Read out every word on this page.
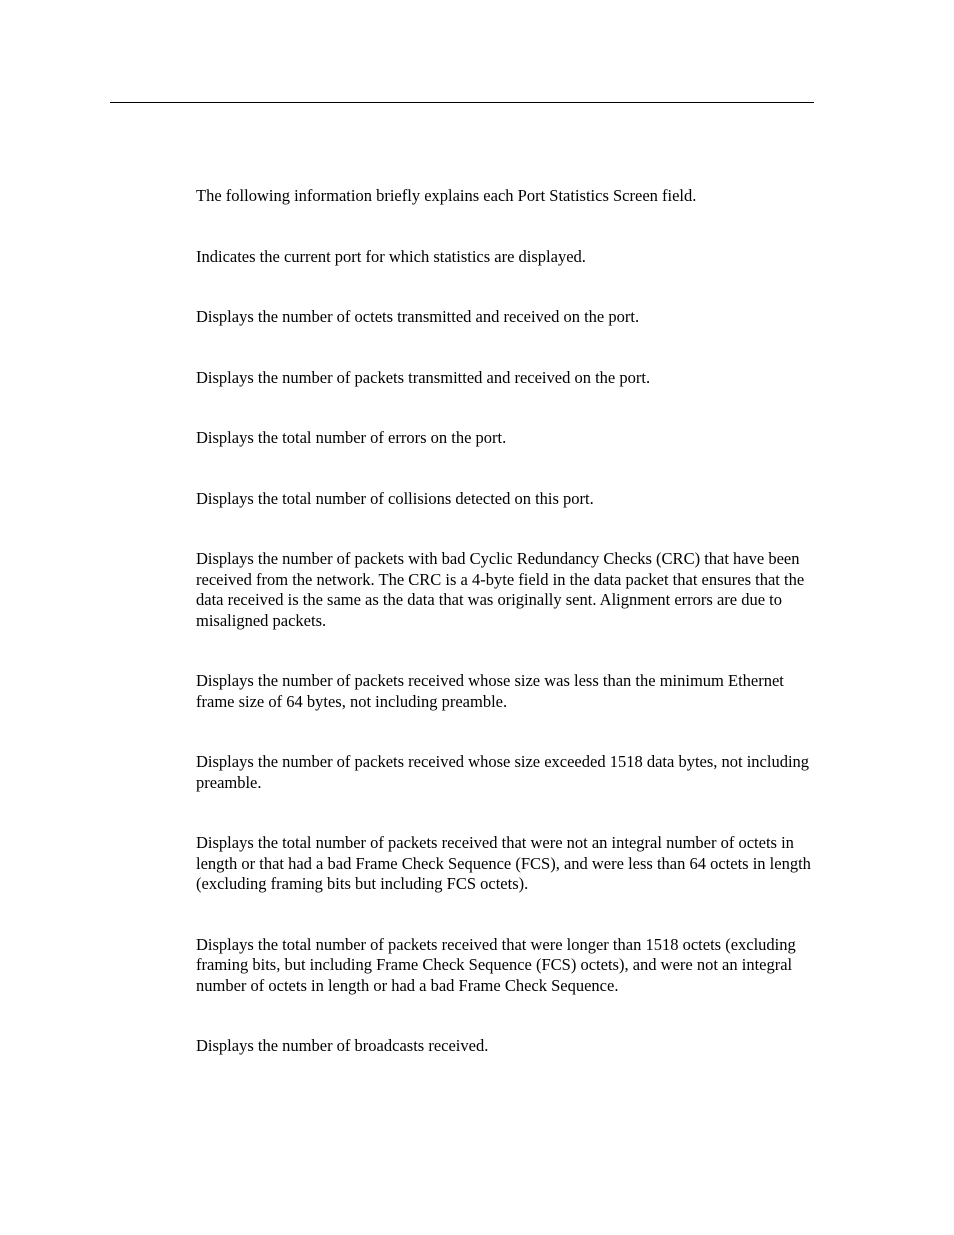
The following information briefly explains each Port Statistics Screen field.

Indicates the current port for which statistics are displayed.

Displays the number of octets transmitted and received on the port.

Displays the number of packets transmitted and received on the port.

Displays the total number of errors on the port.

Displays the total number of collisions detected on this port.

Displays the number of packets with bad Cyclic Redundancy Checks (CRC) that have been received from the network. The CRC is a 4-byte field in the data packet that ensures that the data received is the same as the data that was originally sent. Alignment errors are due to misaligned packets.

Displays the number of packets received whose size was less than the minimum Ethernet frame size of 64 bytes, not including preamble.

Displays the number of packets received whose size exceeded 1518 data bytes, not including preamble.

Displays the total number of packets received that were not an integral number of octets in length or that had a bad Frame Check Sequence (FCS), and were less than 64 octets in length (excluding framing bits but including FCS octets).

Displays the total number of packets received that were longer than 1518 octets (excluding framing bits, but including Frame Check Sequence (FCS) octets), and were not an integral number of octets in length or had a bad Frame Check Sequence.

Displays the number of broadcasts received.
